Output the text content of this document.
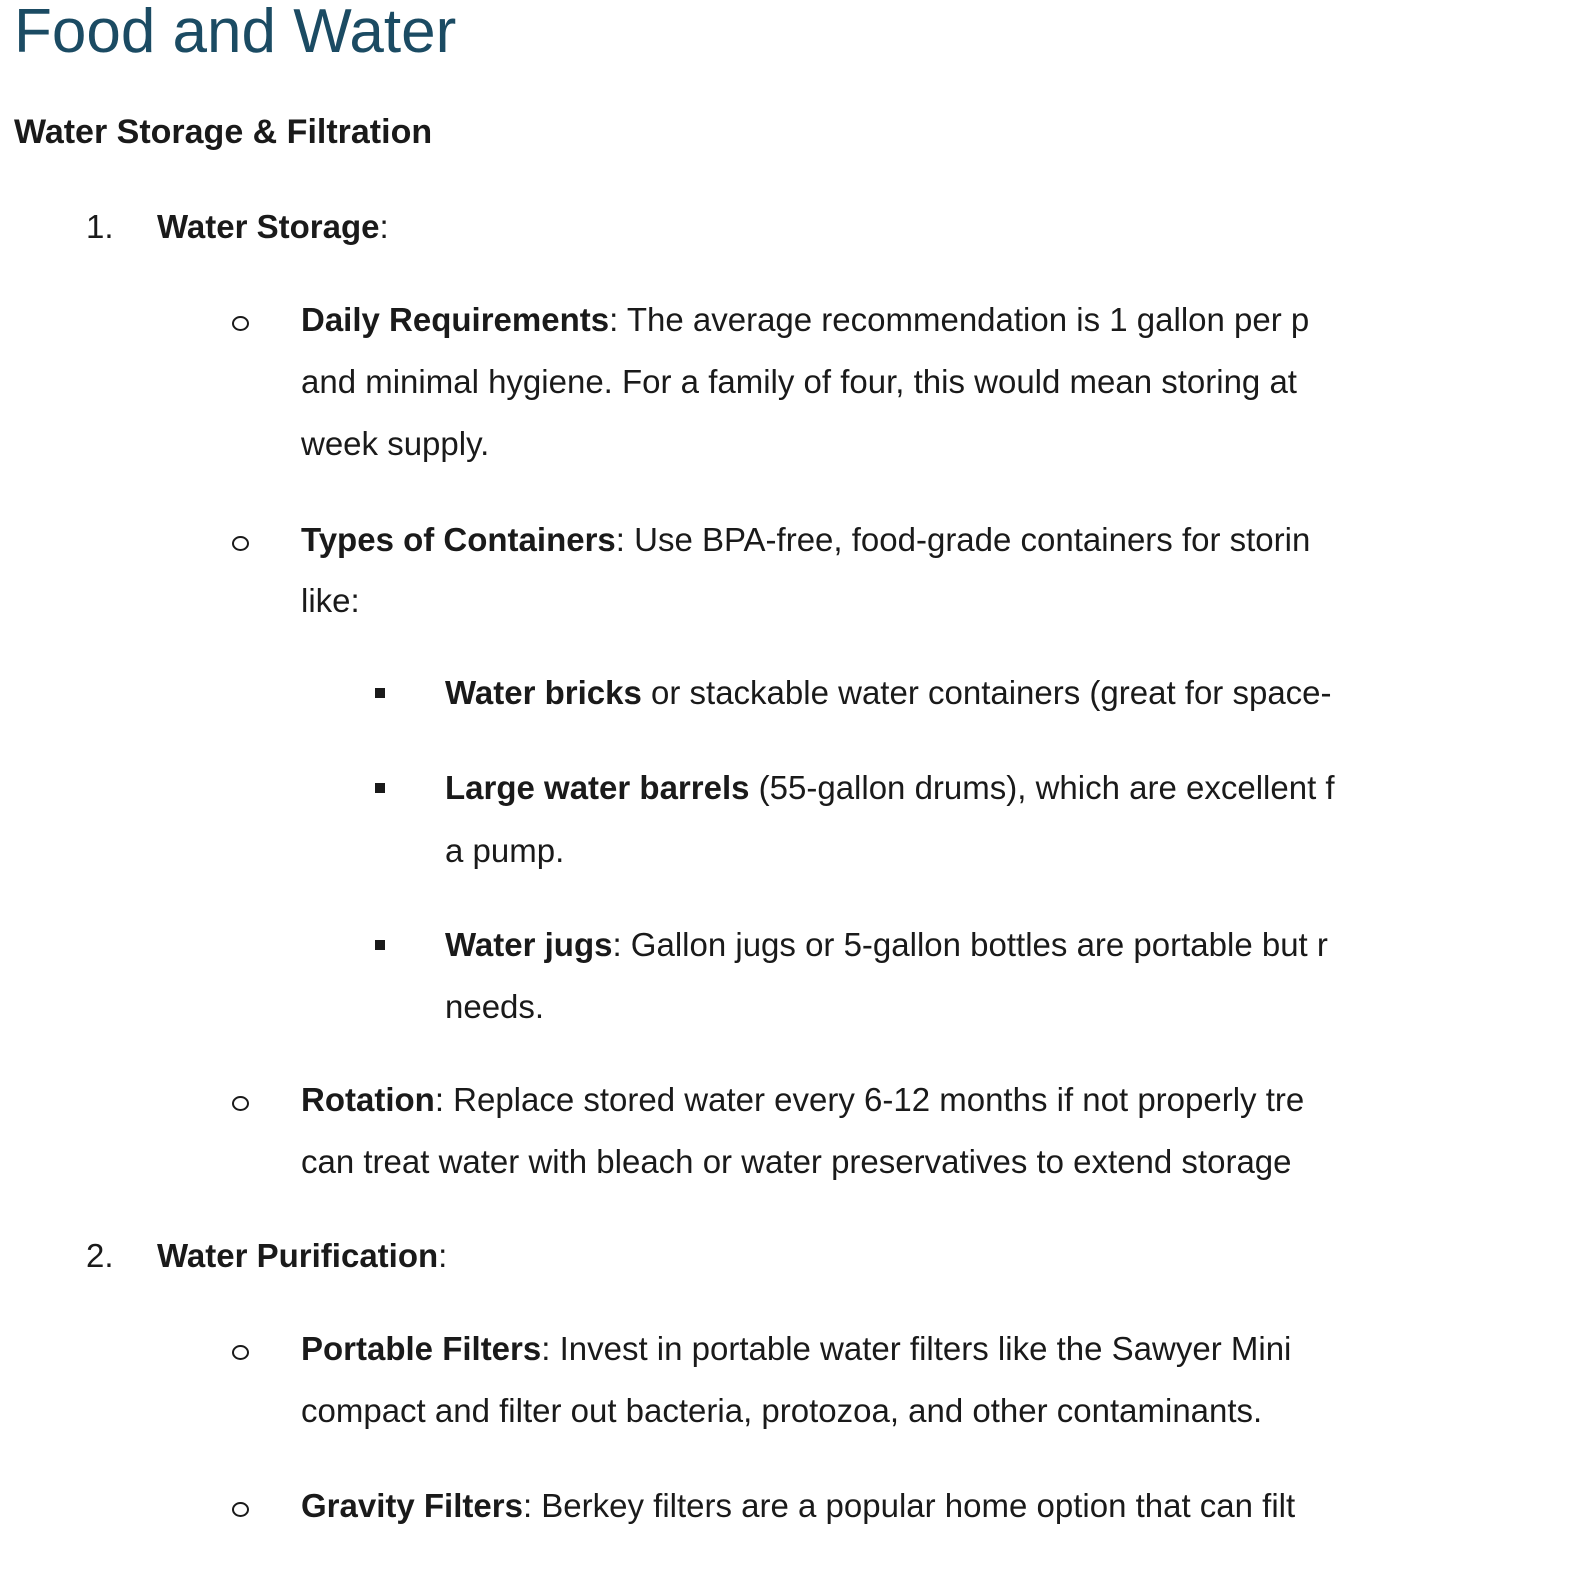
Food and Water
Water Storage & Filtration
1. Water Storage:
Daily Requirements: The average recommendation is 1 gallon per p
and minimal hygiene. For a family of four, this would mean storing at
week supply.
Types of Containers: Use BPA-free, food-grade containers for storin
like:
Water bricks or stackable water containers (great for space-
Large water barrels (55-gallon drums), which are excellent f
a pump.
Water jugs: Gallon jugs or 5-gallon bottles are portable but r
needs.
Rotation: Replace stored water every 6-12 months if not properly tre
can treat water with bleach or water preservatives to extend storage
2. Water Purification:
Portable Filters: Invest in portable water filters like the Sawyer Mini
compact and filter out bacteria, protozoa, and other contaminants.
Gravity Filters: Berkey filters are a popular home option that can filt
